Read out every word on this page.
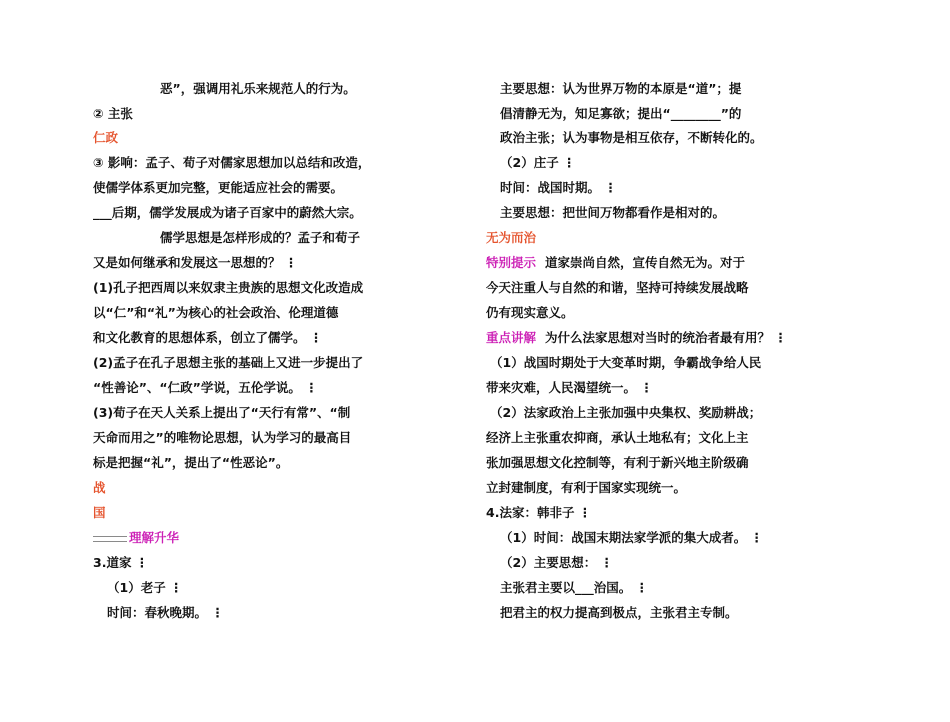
恶”，强调用礼乐来规范人的行为。
② 主张
仁政
③ 影响：孟子、荀子对儒家思想加以总结和改造，
使儒学体系更加完整，更能适应社会的需要。
___后期，儒学发展成为诸子百家中的蔚然大宗。
儒学思想是怎样形成的？孟子和荀子
又是如何继承和发展这一思想的？ ⋮
(1)孔子把西周以来奴隶主贵族的思想文化改造成
以“仁”和“礼”为核心的社会政治、伦理道德
和文化教育的思想体系，创立了儒学。 ⋮
(2)孟子在孔子思想主张的基础上又进一步提出了
“性善论”、“仁政”学说，五伦学说。 ⋮
(3)荀子在天人关系上提出了“天行有常”、“制
天命而用之”的唯物论思想，认为学习的最高目
标是把握“礼”，提出了“性恶论”。
战
国
理解升华
3.道家 ⋮
（1）老子 ⋮
时间：春秋晚期。 ⋮
主要思想：认为世界万物的本原是“道”；提
倡清静无为，知足寡欲；提出“________”的
政治主张；认为事物是相互依存，不断转化的。
（2）庄子 ⋮
时间：战国时期。 ⋮
主要思想：把世间万物都看作是相对的。
无为而治
特别提示 道家崇尚自然，宣传自然无为。对于
今天注重人与自然的和谐，坚持可持续发展战略
仍有现实意义。
重点讲解 为什么法家思想对当时的统治者最有用？ ⋮
（1）战国时期处于大变革时期，争霸战争给人民
带来灾难，人民渴望统一。 ⋮
（2）法家政治上主张加强中央集权、奖励耕战；
经济上主张重农抑商，承认土地私有；文化上主
张加强思想文化控制等，有利于新兴地主阶级确
立封建制度，有利于国家实现统一。
4.法家：韩非子 ⋮
（1）时间：战国末期法家学派的集大成者。 ⋮
（2）主要思想： ⋮
主张君主要以___治国。 ⋮
把君主的权力提高到极点，主张君主专制。
